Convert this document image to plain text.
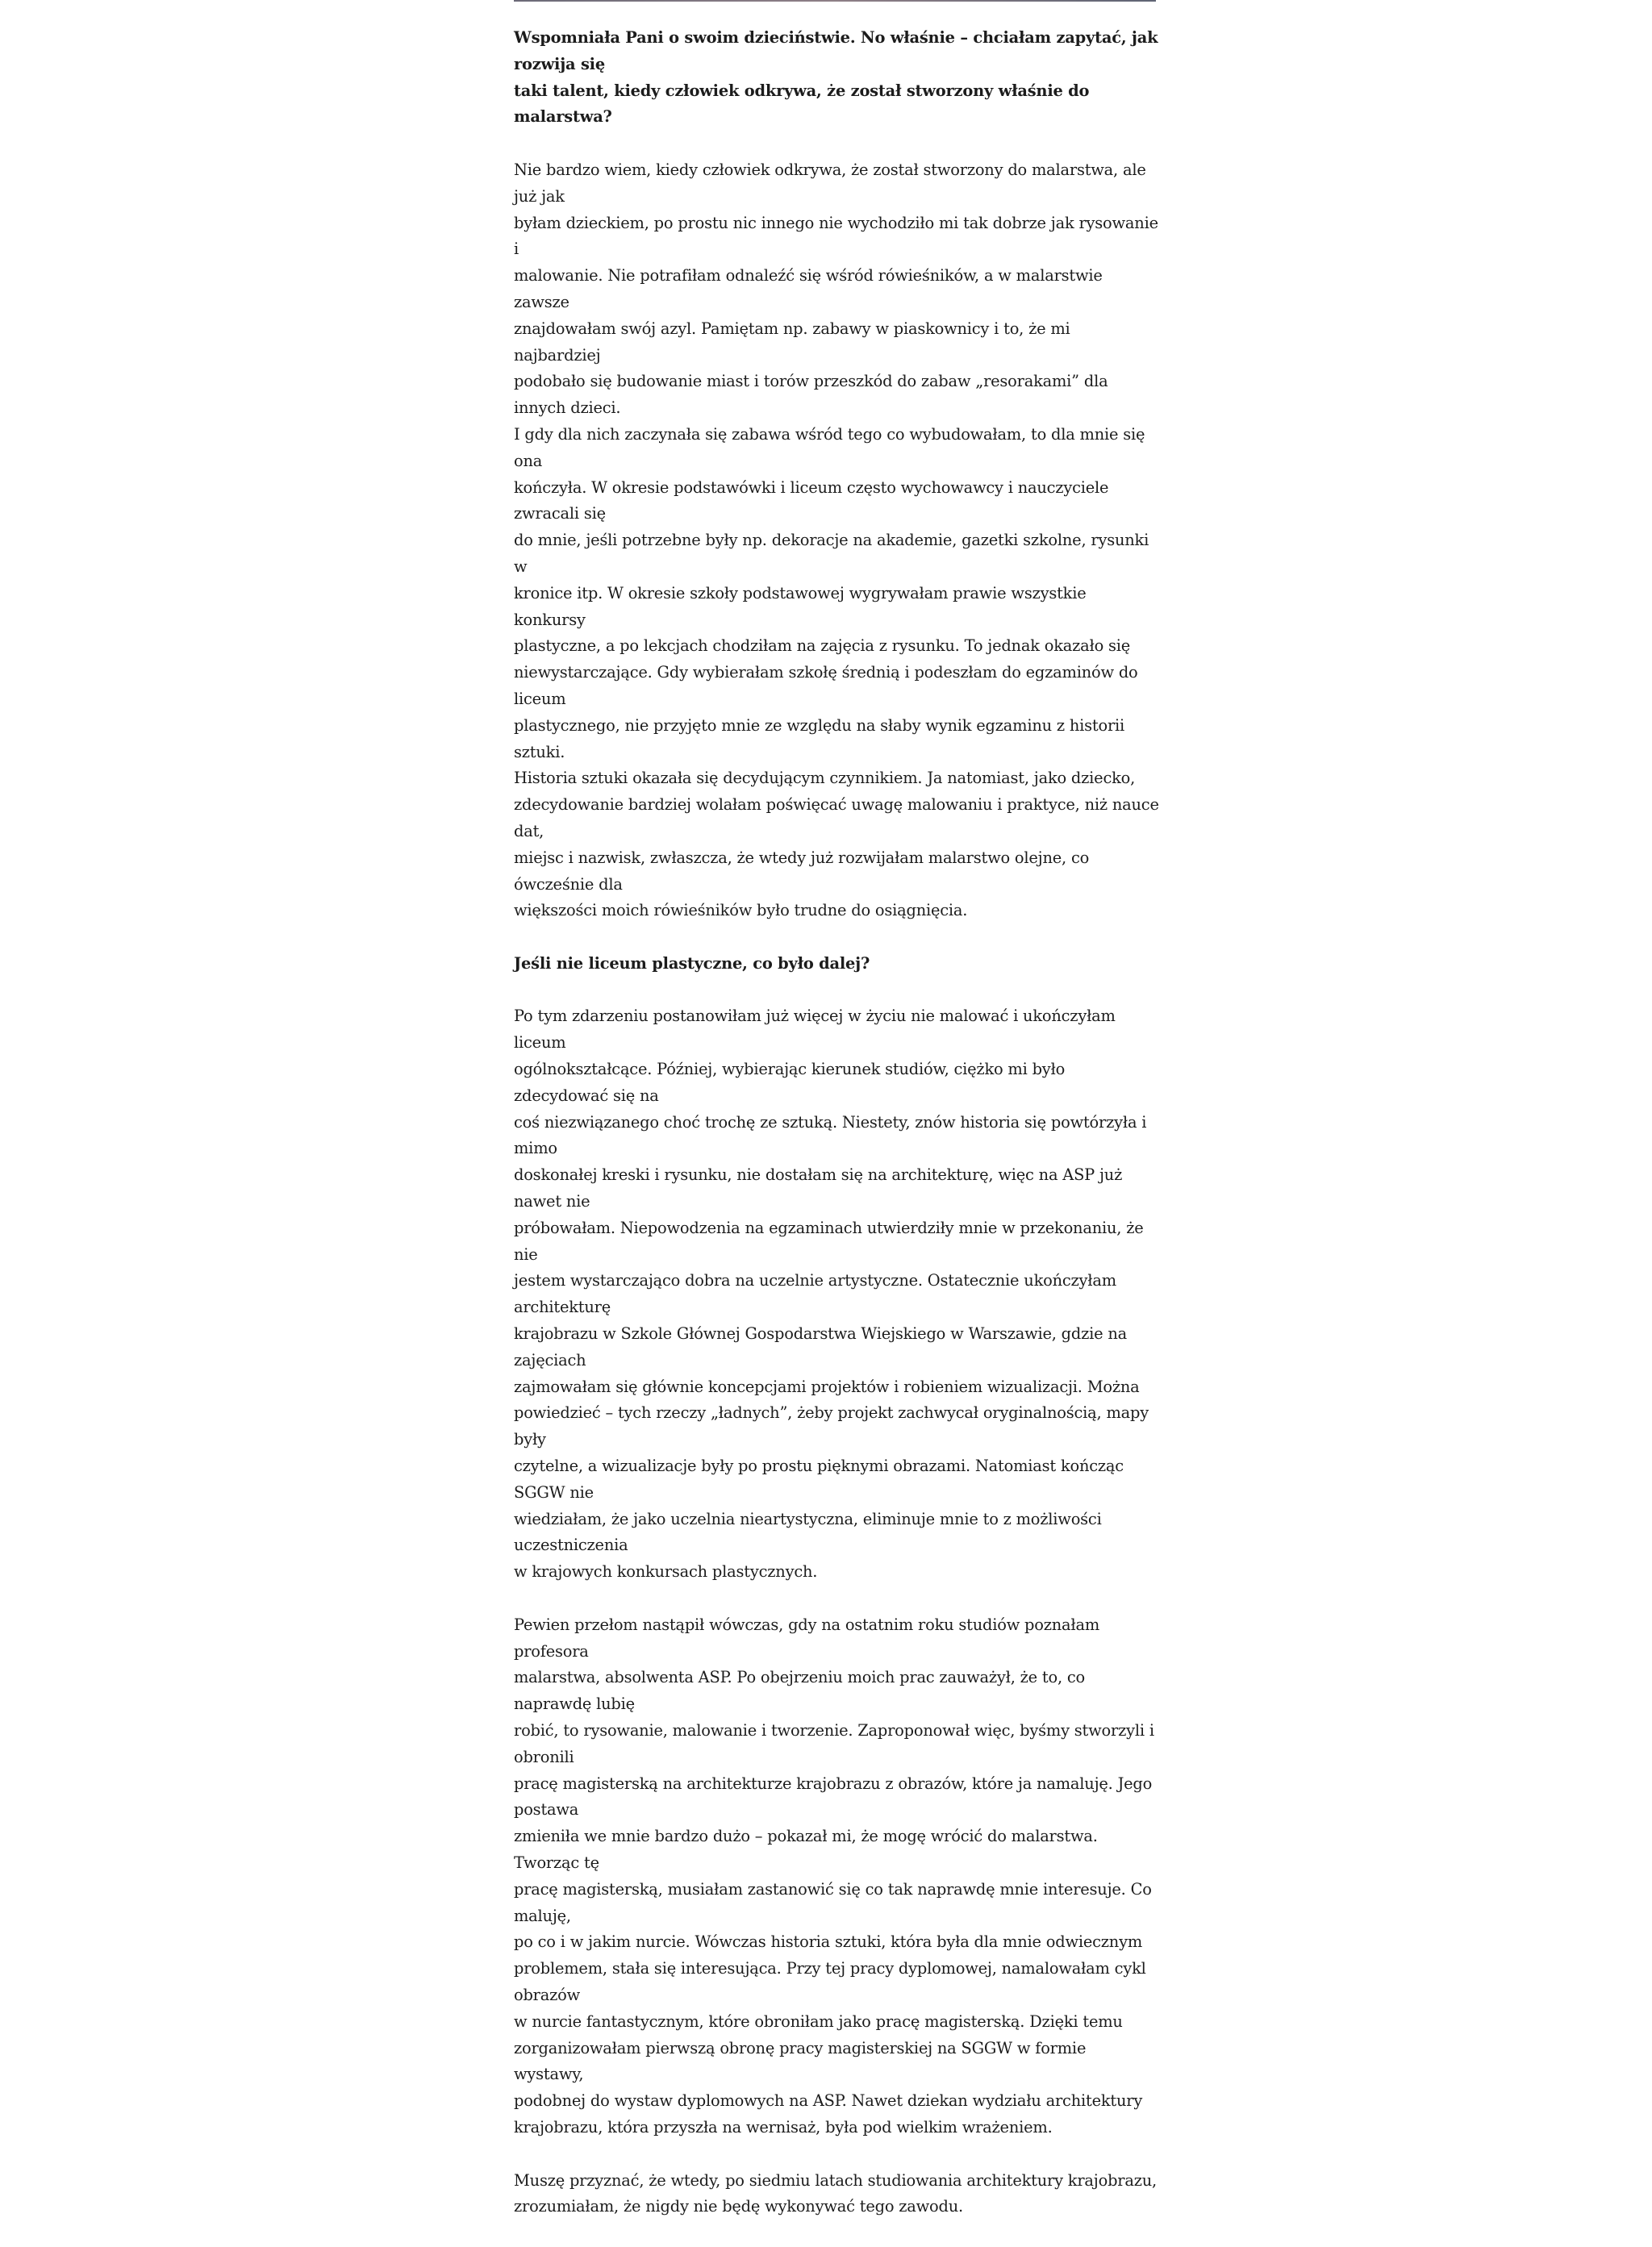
Wspomniała Pani o swoim dzieciństwie. No właśnie – chciałam zapytać, jak rozwija się
taki talent, kiedy człowiek odkrywa, że został stworzony właśnie do malarstwa?

Nie bardzo wiem, kiedy człowiek odkrywa, że został stworzony do malarstwa, ale już jak
byłam dzieckiem, po prostu nic innego nie wychodziło mi tak dobrze jak rysowanie i
malowanie. Nie potrafiłam odnaleźć się wśród rówieśników, a w malarstwie zawsze
znajdowałam swój azyl. Pamiętam np. zabawy w piaskownicy i to, że mi najbardziej
podobało się budowanie miast i torów przeszkód do zabaw „resorakami” dla innych dzieci.
I gdy dla nich zaczynała się zabawa wśród tego co wybudowałam, to dla mnie się ona
kończyła. W okresie podstawówki i liceum często wychowawcy i nauczyciele zwracali się
do mnie, jeśli potrzebne były np. dekoracje na akademie, gazetki szkolne, rysunki w
kronice itp. W okresie szkoły podstawowej wygrywałam prawie wszystkie konkursy
plastyczne, a po lekcjach chodziłam na zajęcia z rysunku. To jednak okazało się
niewystarczające. Gdy wybierałam szkołę średnią i podeszłam do egzaminów do liceum
plastycznego, nie przyjęto mnie ze względu na słaby wynik egzaminu z historii sztuki.
Historia sztuki okazała się decydującym czynnikiem. Ja natomiast, jako dziecko,
zdecydowanie bardziej wolałam poświęcać uwagę malowaniu i praktyce, niż nauce dat,
miejsc i nazwisk, zwłaszcza, że wtedy już rozwijałam malarstwo olejne, co ówcześnie dla
większości moich rówieśników było trudne do osiągnięcia.

Jeśli nie liceum plastyczne, co było dalej?

Po tym zdarzeniu postanowiłam już więcej w życiu nie malować i ukończyłam liceum
ogólnokształcące. Później, wybierając kierunek studiów, ciężko mi było zdecydować się na
coś niezwiązanego choć trochę ze sztuką. Niestety, znów historia się powtórzyła i mimo
doskonałej kreski i rysunku, nie dostałam się na architekturę, więc na ASP już nawet nie
próbowałam. Niepowodzenia na egzaminach utwierdziły mnie w przekonaniu, że nie
jestem wystarczająco dobra na uczelnie artystyczne. Ostatecznie ukończyłam architekturę
krajobrazu w Szkole Głównej Gospodarstwa Wiejskiego w Warszawie, gdzie na zajęciach
zajmowałam się głównie koncepcjami projektów i robieniem wizualizacji. Można
powiedzieć – tych rzeczy „ładnych”, żeby projekt zachwycał oryginalnością, mapy były
czytelne, a wizualizacje były po prostu pięknymi obrazami. Natomiast kończąc SGGW nie
wiedziałam, że jako uczelnia nieartystyczna, eliminuje mnie to z możliwości uczestniczenia
w krajowych konkursach plastycznych.

Pewien przełom nastąpił wówczas, gdy na ostatnim roku studiów poznałam profesora
malarstwa, absolwenta ASP. Po obejrzeniu moich prac zauważył, że to, co naprawdę lubię
robić, to rysowanie, malowanie i tworzenie. Zaproponował więc, byśmy stworzyli i obronili
pracę magisterską na architekturze krajobrazu z obrazów, które ja namaluję. Jego postawa
zmieniła we mnie bardzo dużo – pokazał mi, że mogę wrócić do malarstwa. Tworząc tę
pracę magisterską, musiałam zastanowić się co tak naprawdę mnie interesuje. Co maluję,
po co i w jakim nurcie. Wówczas historia sztuki, która była dla mnie odwiecznym
problemem, stała się interesująca. Przy tej pracy dyplomowej, namalowałam cykl obrazów
w nurcie fantastycznym, które obroniłam jako pracę magisterską. Dzięki temu
zorganizowałam pierwszą obronę pracy magisterskiej na SGGW w formie wystawy,
podobnej do wystaw dyplomowych na ASP. Nawet dziekan wydziału architektury
krajobrazu, która przyszła na wernisaż, była pod wielkim wrażeniem.

Muszę przyznać, że wtedy, po siedmiu latach studiowania architektury krajobrazu,
zrozumiałam, że nigdy nie będę wykonywać tego zawodu.
